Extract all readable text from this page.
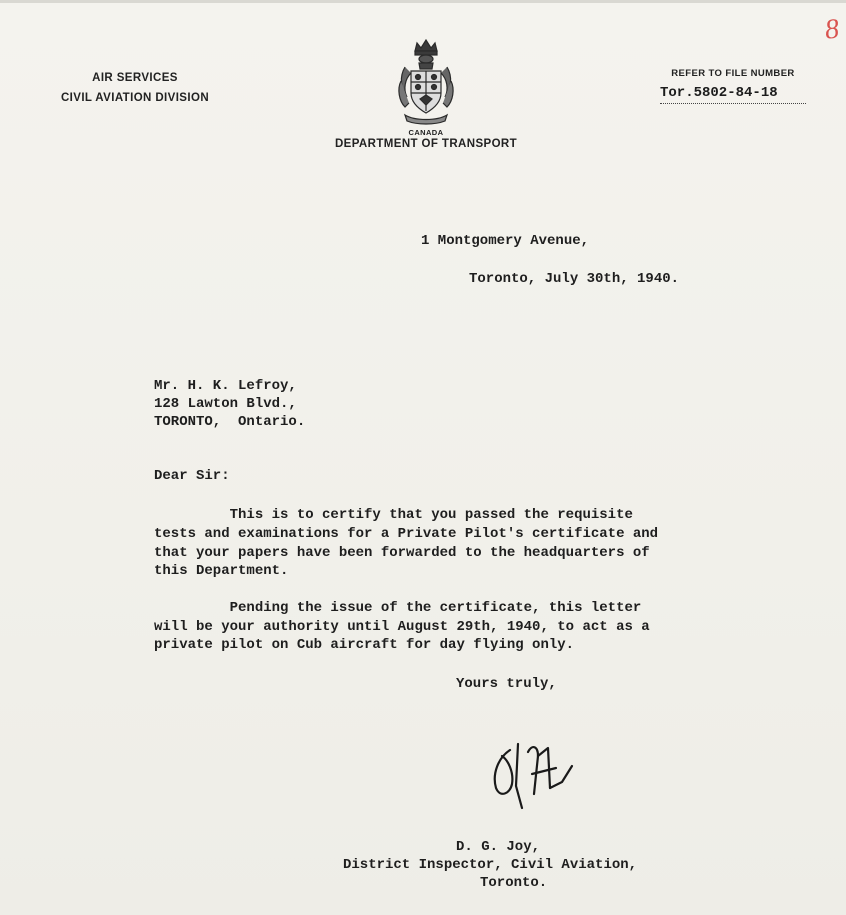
8
AIR SERVICES
CIVIL AVIATION DIVISION
CANADA
DEPARTMENT OF TRANSPORT
REFER TO FILE NUMBER
Tor.5802-84-18
1 Montgomery Avenue,
Toronto, July 30th, 1940.
Mr. H. K. Lefroy,
128 Lawton Blvd.,
TORONTO,  Ontario.
Dear Sir:
This is to certify that you passed the requisite
tests and examinations for a Private Pilot's certificate and
that your papers have been forwarded to the headquarters of
this Department.
Pending the issue of the certificate, this letter
will be your authority until August 29th, 1940, to act as a
private pilot on Cub aircraft for day flying only.
Yours truly,
D. G. Joy,
District Inspector, Civil Aviation,
Toronto.
